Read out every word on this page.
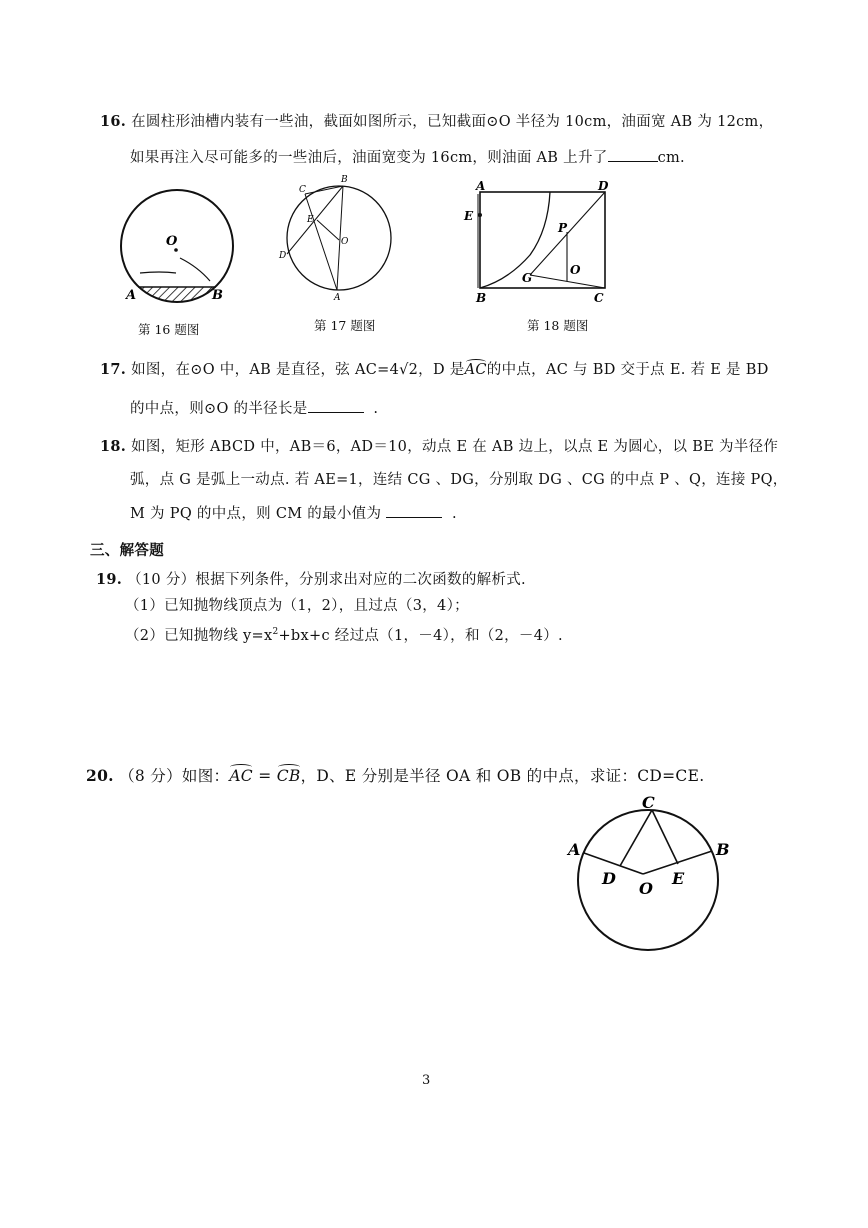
16. 在圆柱形油槽内装有一些油，截面如图所示，已知截面⊙O 半径为 10cm，油面宽 AB 为 12cm，
如果再注入尽可能多的一些油后，油面宽变为 16cm，则油面 AB 上升了	cm.
O
A	B
第 16 题图
C
B
E
O
D
A
第 17 题图
A	D
E
P
O
G
B	C
第 18 题图
17. 如图，在⊙O 中，AB 是直径，弦 AC=4√2，D 是AC的中点，AC 与 BD 交于点 E. 若 E 是 BD
的中点，则⊙O 的半径长是	.
18. 如图，矩形 ABCD 中，AB＝6，AD＝10，动点 E 在 AB 边上，以点 E 为圆心，以 BE 为半径作
弧，点 G 是弧上一动点. 若 AE=1，连结 CG 、DG，分别取 DG 、CG 的中点 P 、Q，连接 PQ，
M 为 PQ 的中点，则 CM 的最小值为	.
三、解答题
19. （10 分）根据下列条件，分别求出对应的二次函数的解析式.
（1）已知抛物线顶点为（1，2），且过点（3，4）；
（2）已知抛物线 $y=x^2+bx+c$ 经过点（1，－4），和（2，－4）.
20. （8 分）如图：AC = CB，D、E 分别是半径 OA 和 OB 的中点，求证：CD=CE.
C
A	B
D
O
E
3
